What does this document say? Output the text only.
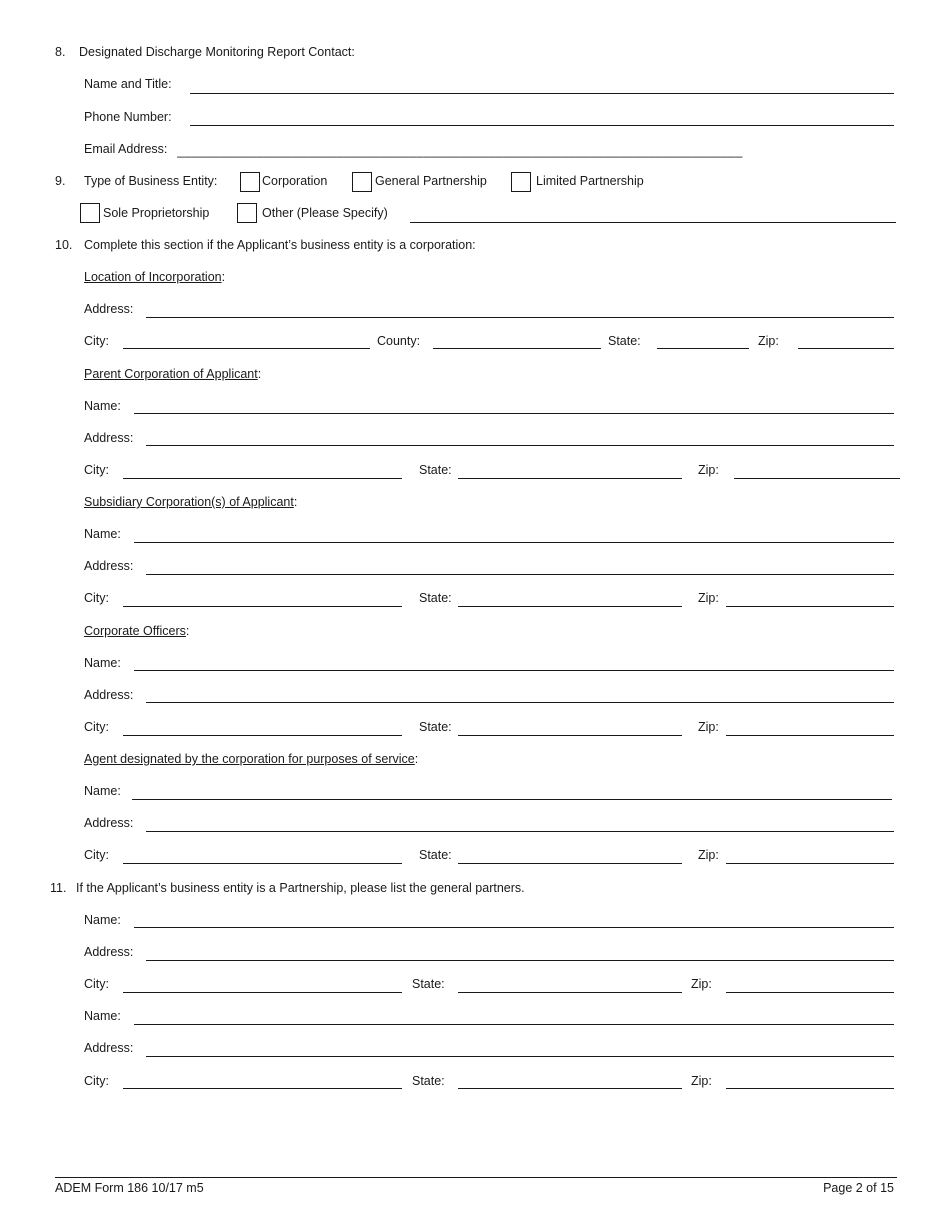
8. Designated Discharge Monitoring Report Contact:
Name and Title:
Phone Number:
Email Address: ______________________________________________________________________________
9. Type of Business Entity:	Corporation	General Partnership	Limited Partnership
Sole Proprietorship	Other (Please Specify)
10. Complete this section if the Applicant’s business entity is a corporation:
Location of Incorporation:
Address:
City:	County:	State:	Zip:
Parent Corporation of Applicant:
Name:
Address:
City:	State:	Zip:
Subsidiary Corporation(s) of Applicant:
Name:
Address:
City:	State:	Zip:
Corporate Officers:
Name:
Address:
City:	State:	Zip:
Agent designated by the corporation for purposes of service:
Name:
Address:
City:	State:	Zip:
11. If the Applicant’s business entity is a Partnership, please list the general partners.
Name:
Address:
City:	State:	Zip:
Name:
Address:
City:	State:	Zip:
ADEM Form 186 10/17 m5	Page 2 of 15
